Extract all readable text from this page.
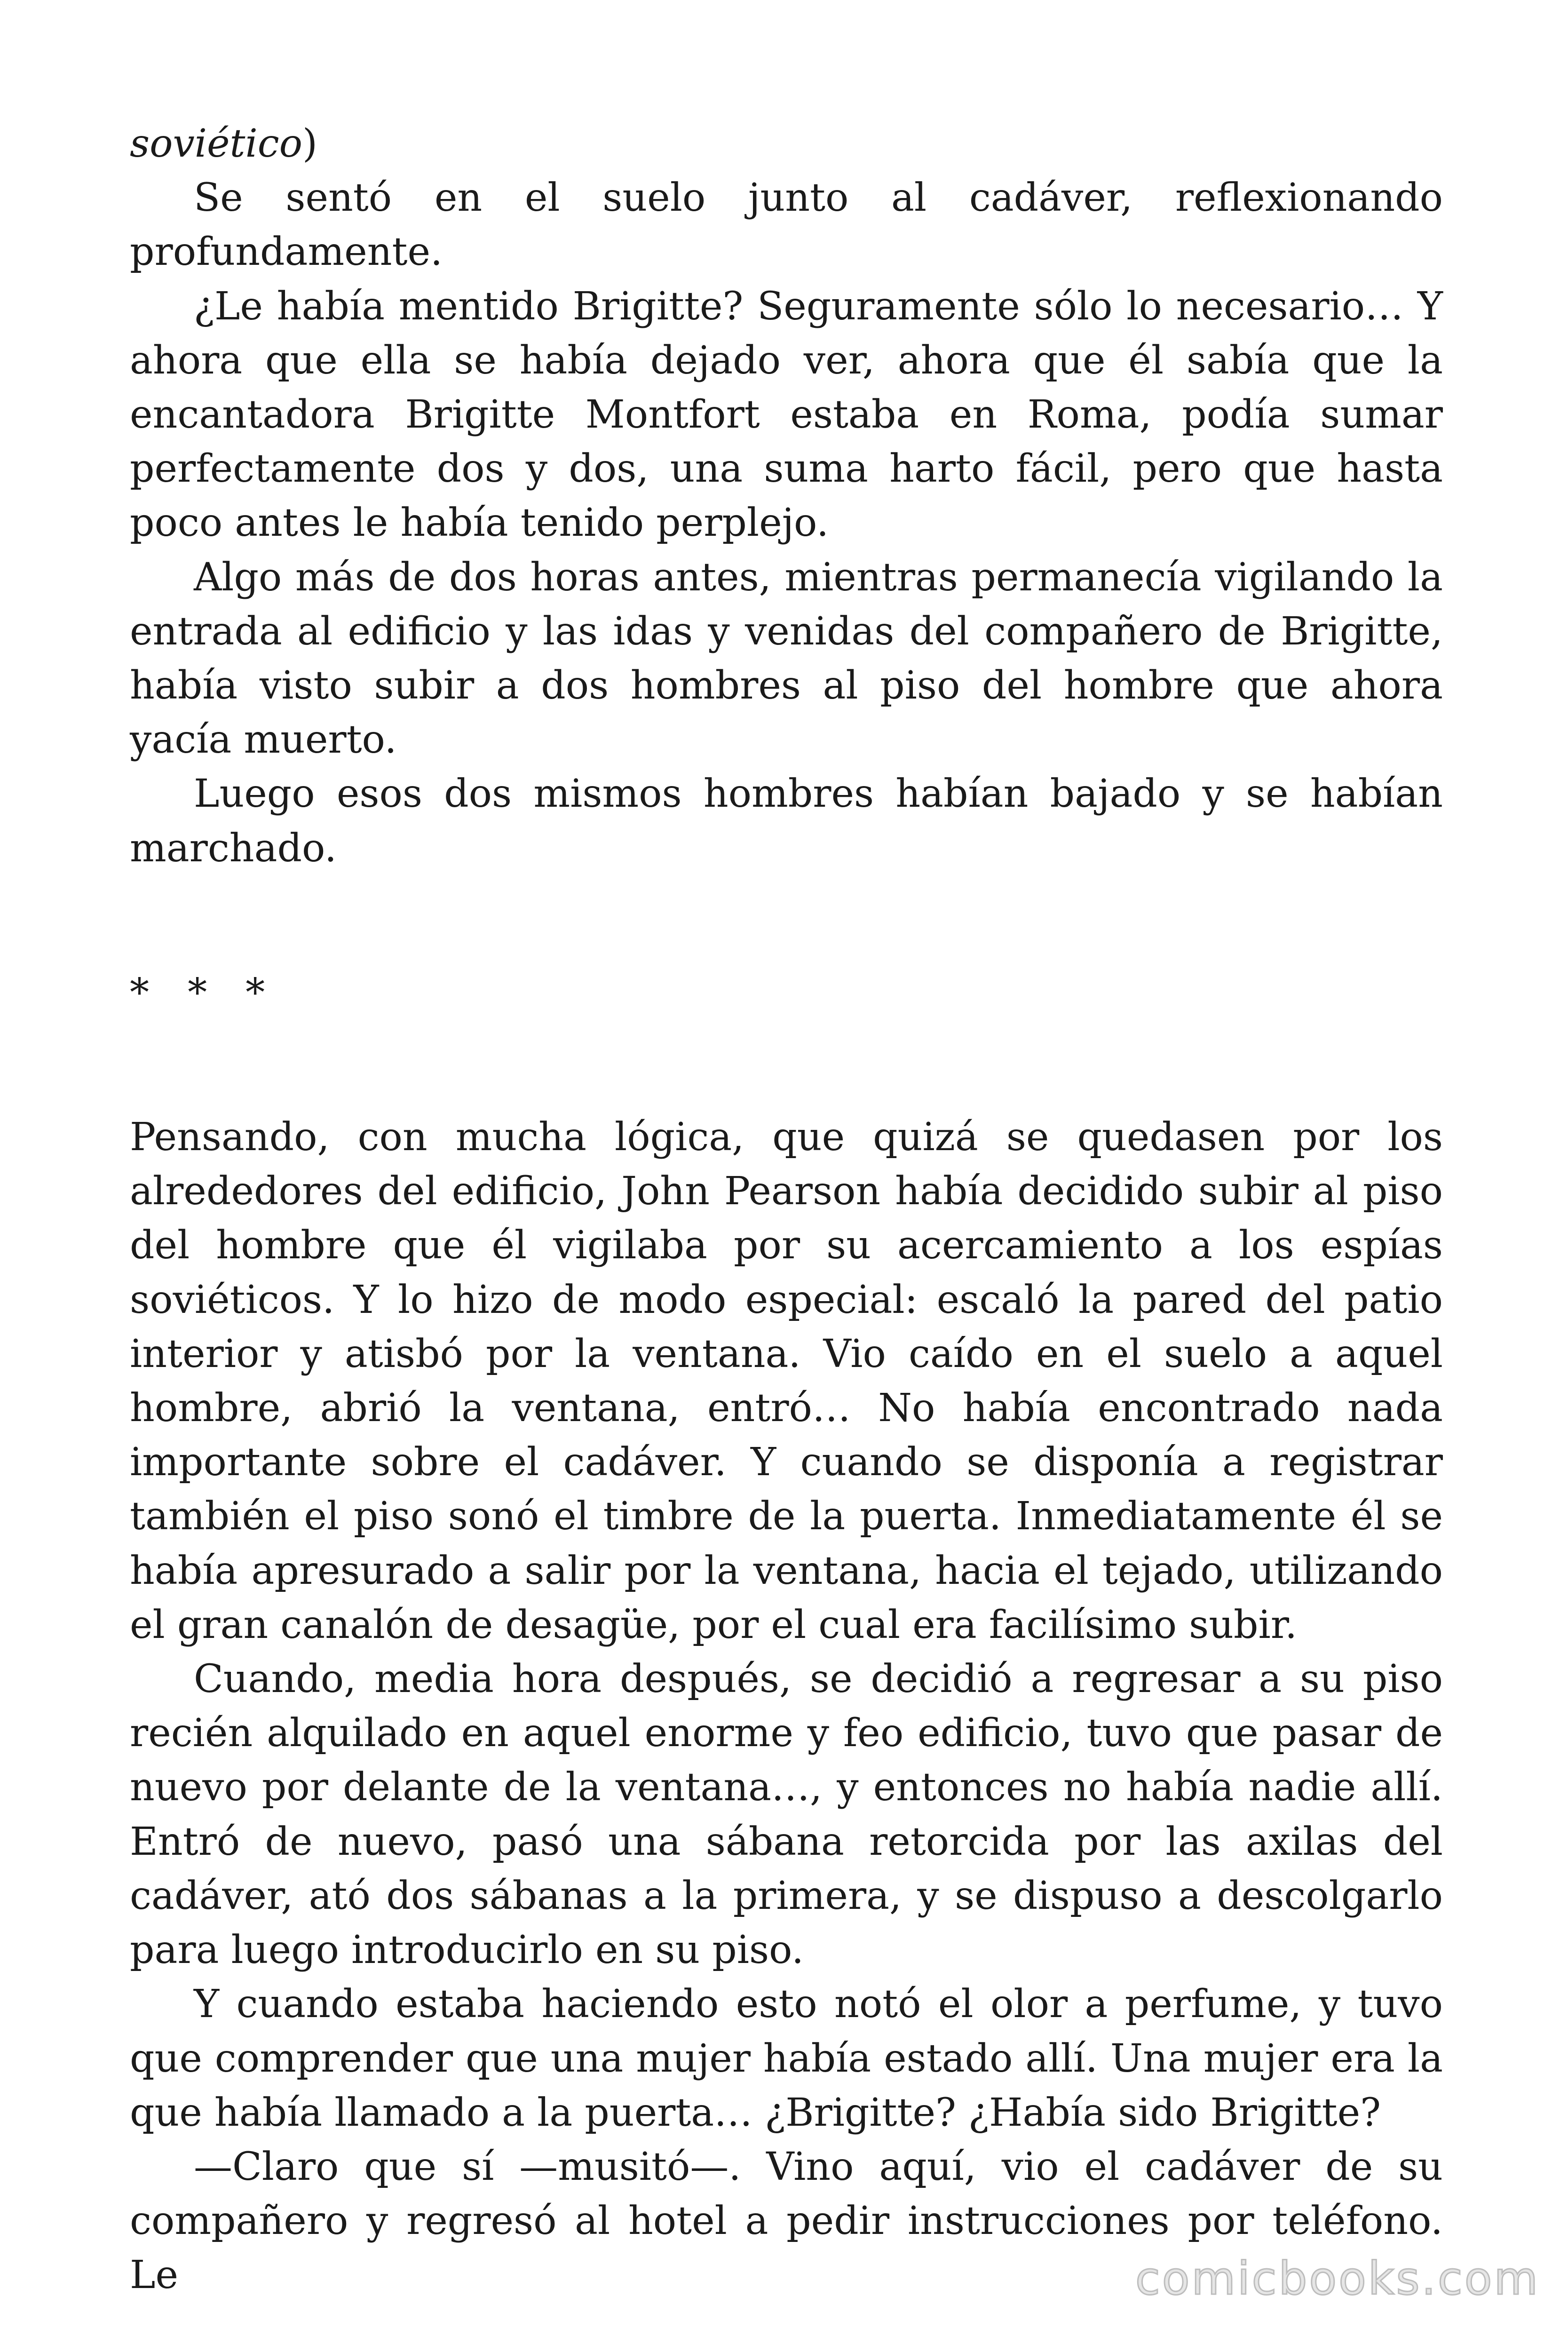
soviético)

Se sentó en el suelo junto al cadáver, reflexionando profundamente.

¿Le había mentido Brigitte? Seguramente sólo lo necesario… Y ahora que ella se había dejado ver, ahora que él sabía que la encantadora Brigitte Montfort estaba en Roma, podía sumar perfectamente dos y dos, una suma harto fácil, pero que hasta poco antes le había tenido perplejo.

Algo más de dos horas antes, mientras permanecía vigilando la entrada al edificio y las idas y venidas del compañero de Brigitte, había visto subir a dos hombres al piso del hombre que ahora yacía muerto.

Luego esos dos mismos hombres habían bajado y se habían marchado.

* * *

Pensando, con mucha lógica, que quizá se quedasen por los alrededores del edificio, John Pearson había decidido subir al piso del hombre que él vigilaba por su acercamiento a los espías soviéticos. Y lo hizo de modo especial: escaló la pared del patio interior y atisbó por la ventana. Vio caído en el suelo a aquel hombre, abrió la ventana, entró… No había encontrado nada importante sobre el cadáver. Y cuando se disponía a registrar también el piso sonó el timbre de la puerta. Inmediatamente él se había apresurado a salir por la ventana, hacia el tejado, utilizando el gran canalón de desagüe, por el cual era facilísimo subir.

Cuando, media hora después, se decidió a regresar a su piso recién alquilado en aquel enorme y feo edificio, tuvo que pasar de nuevo por delante de la ventana…, y entonces no había nadie allí. Entró de nuevo, pasó una sábana retorcida por las axilas del cadáver, ató dos sábanas a la primera, y se dispuso a descolgarlo para luego introducirlo en su piso.

Y cuando estaba haciendo esto notó el olor a perfume, y tuvo que comprender que una mujer había estado allí. Una mujer era la que había llamado a la puerta… ¿Brigitte? ¿Había sido Brigitte?

—Claro que sí —musitó—. Vino aquí, vio el cadáver de su compañero y regresó al hotel a pedir instrucciones por teléfono. Le	comicbooks.com
